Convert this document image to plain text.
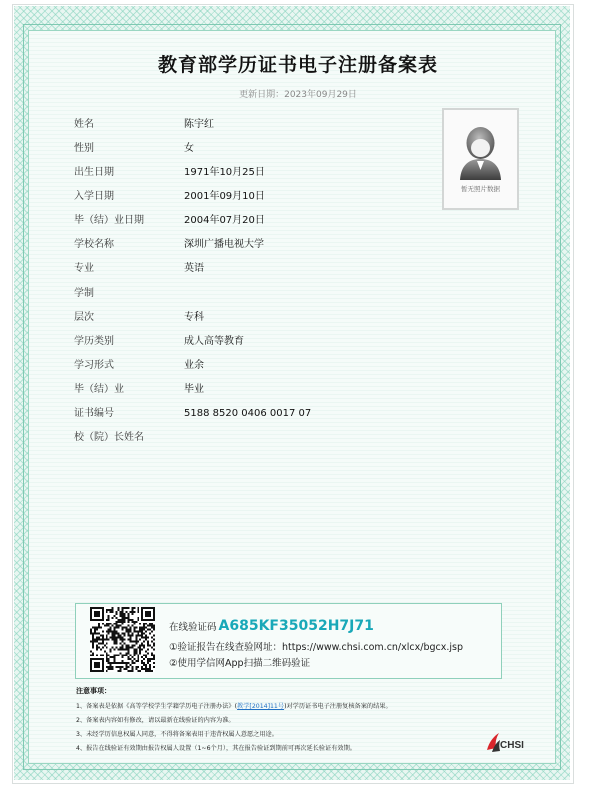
教育部学历证书电子注册备案表
更新日期：2023年09月29日
姓名	陈宇红
性别	女
出生日期	1971年10月25日
入学日期	2001年09月10日
毕（结）业日期	2004年07月20日
学校名称	深圳广播电视大学
专业	英语
学制
层次	专科
学历类别	成人高等教育
学习形式	业余
毕（结）业	毕业
证书编号	5188 8520 0406 0017 07
校（院）长姓名
暂无照片数据
在线验证码 A685KF35052H7J71
①验证报告在线查验网址：https://www.chsi.com.cn/xlcx/bgcx.jsp
②使用学信网App扫描二维码验证
注意事项：
1、备案表是依据《高等学校学生学籍学历电子注册办法》(教学[2014]11号)对学历证书电子注册复核备案的结果。
2、备案表内容如有修改，请以最新在线验证的内容为准。
3、未经学历信息权属人同意，不得将备案表用于违背权属人意愿之用途。
4、报告在线验证有效期由报告权属人设置（1~6个月），其在报告验证到期前可再次延长验证有效期。	CHSI
